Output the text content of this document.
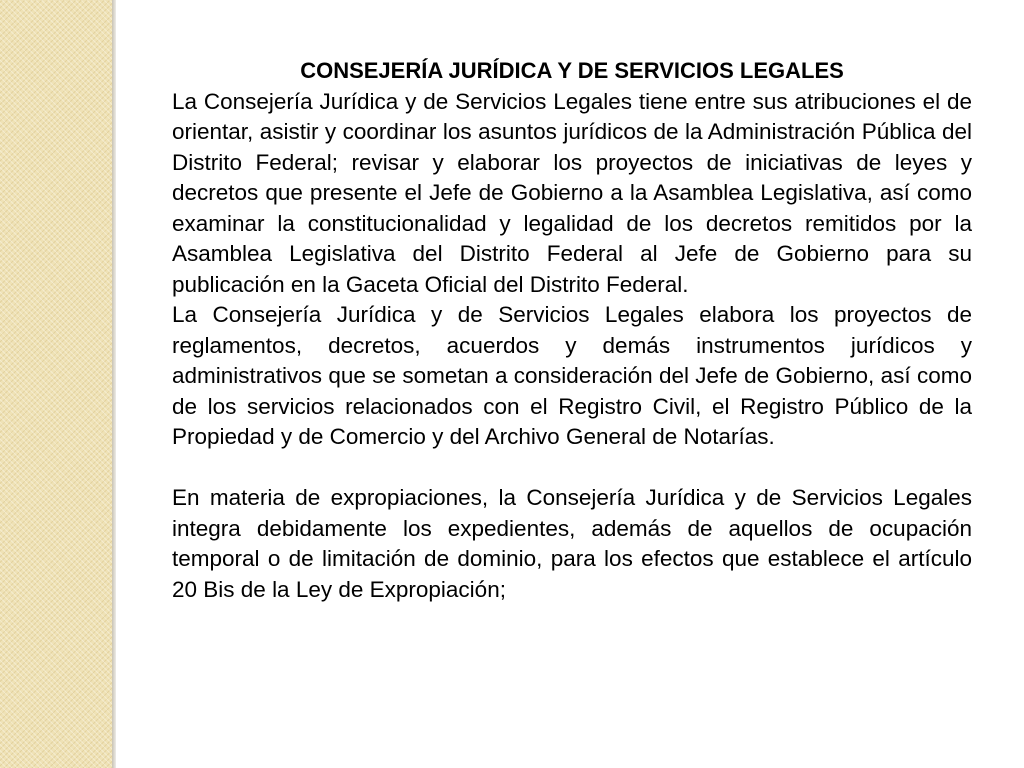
CONSEJERÍA JURÍDICA Y DE SERVICIOS LEGALES

La Consejería Jurídica y de Servicios Legales tiene entre sus atribuciones el de orientar, asistir y coordinar los asuntos jurídicos de la Administración Pública del Distrito Federal; revisar y elaborar los proyectos de iniciativas de leyes y decretos que presente el Jefe de Gobierno a la Asamblea Legislativa, así como examinar la constitucionalidad y legalidad de los decretos remitidos por la Asamblea Legislativa del Distrito Federal al Jefe de Gobierno para su publicación en la Gaceta Oficial del Distrito Federal.

La Consejería Jurídica y de Servicios Legales elabora los proyectos de reglamentos, decretos, acuerdos y demás instrumentos jurídicos y administrativos que se sometan a consideración del Jefe de Gobierno, así como de los servicios relacionados con el Registro Civil, el Registro Público de la Propiedad y de Comercio y del Archivo General de Notarías.

En materia de expropiaciones, la Consejería Jurídica y de Servicios Legales integra debidamente los expedientes, además de aquellos de ocupación temporal o de limitación de dominio, para los efectos que establece el artículo 20 Bis de la Ley de Expropiación;
